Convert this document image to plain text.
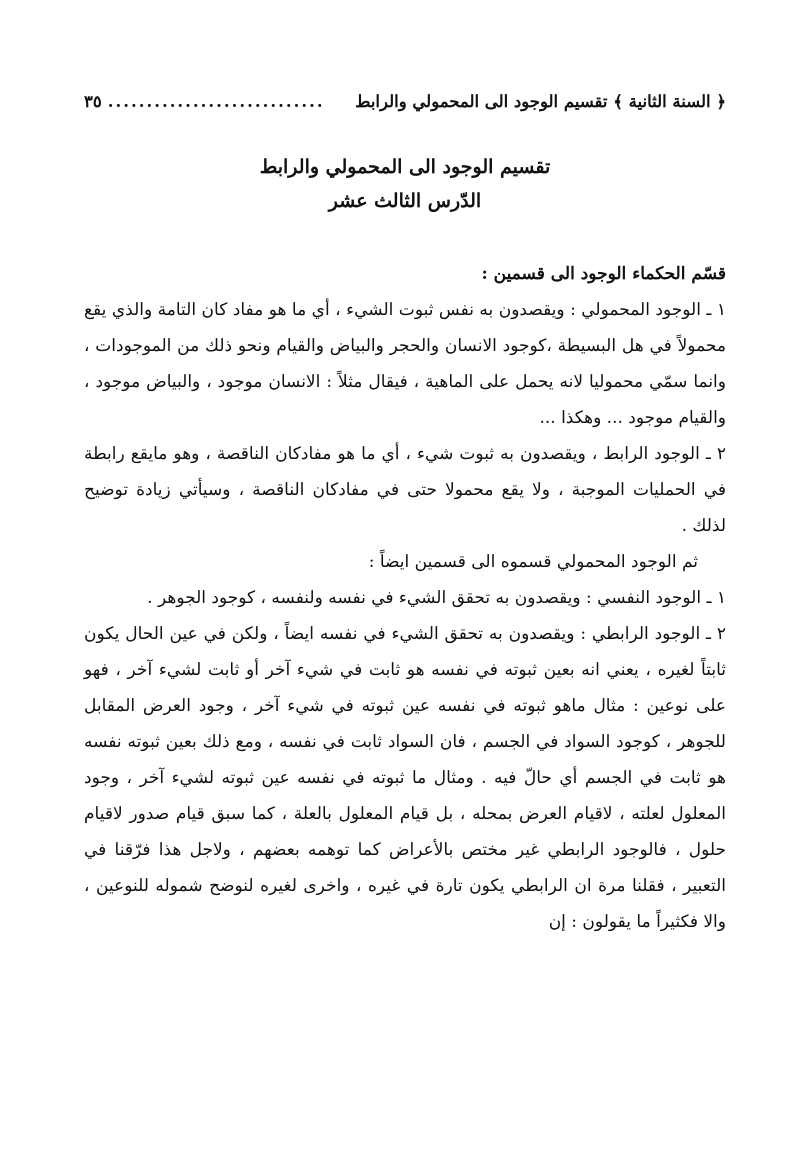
﴿ السنة الثانية ﴾ تقسيم الوجود الى المحمولي والرابط
............................
٣٥
تقسيم الوجود الى المحمولي والرابط
الدّرس الثالث عشر

قسّم الحكماء الوجود الى قسمين :

١ ـ الوجود المحمولي : ويقصدون به نفس ثبوت الشيء ، أي ما هو مفاد كان التامة والذي يقع محمولاً في هل البسيطة ،كوجود الانسان والحجر والبياض والقيام ونحو ذلك من الموجودات ، وانما سمّي محموليا لانه يحمل على الماهية ، فيقال مثلاً : الانسان موجود ، والبياض موجود ، والقيام موجود ... وهكذا ...

٢ ـ الوجود الرابط ، ويقصدون به ثبوت شيء ، أي ما هو مفادكان الناقصة ، وهو مايقع رابطة في الحمليات الموجبة ، ولا يقع محمولا حتى في مفادكان الناقصة ، وسيأتي زيادة توضيح لذلك .

ثم الوجود المحمولي قسموه الى قسمين ايضاً :

١ ـ الوجود النفسي : ويقصدون به تحقق الشيء في نفسه ولنفسه ، كوجود الجوهر .

٢ ـ الوجود الرابطي : ويقصدون به تحقق الشيء في نفسه ايضاً ، ولكن في عين الحال يكون ثابتاً لغيره ، يعني انه بعين ثبوته في نفسه هو ثابت في شيء آخر أو ثابت لشيء آخر ، فهو على نوعين : مثال ماهو ثبوته في نفسه عين ثبوته في شيء آخر ، وجود العرض المقابل للجوهر ، كوجود السواد في الجسم ، فان السواد ثابت في نفسه ، ومع ذلك بعين ثبوته نفسه هو ثابت في الجسم أي حالّ فيه . ومثال ما ثبوته في نفسه عين ثبوته لشيء آخر ، وجود المعلول لعلته ، لاقيام العرض بمحله ، بل قيام المعلول بالعلة ، كما سبق قيام صدور لاقيام حلول ، فالوجود الرابطي غير مختص بالأعراض كما توهمه بعضهم ، ولاجل هذا فرّقنا في التعبير ، فقلنا مرة ان الرابطي يكون تارة في غيره ، واخرى لغيره لنوضح شموله للنوعين ، والا فكثيراً ما يقولون : إن
